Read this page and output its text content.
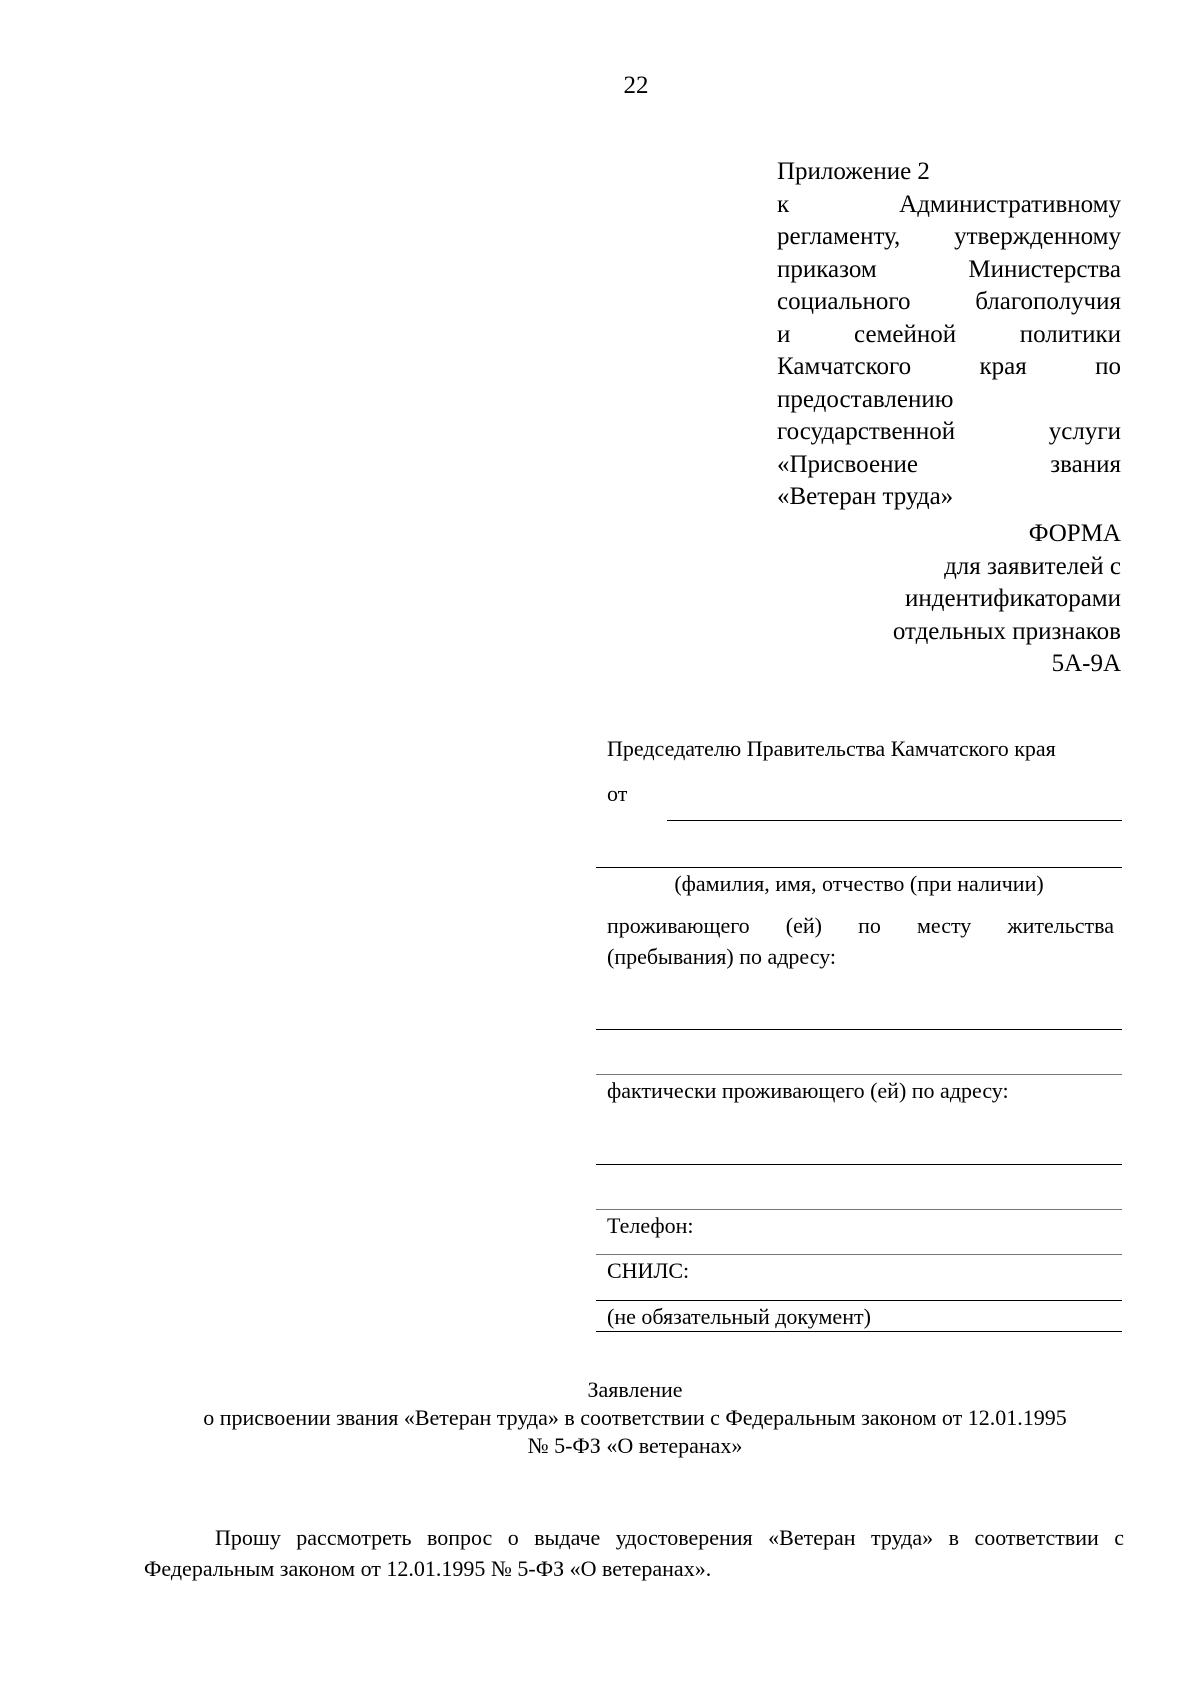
22
Приложение 2
к Административному
регламенту, утвержденному
приказом Министерства
социального благополучия
и семейной политики
Камчатского края по
предоставлению
государственной услуги
«Присвоение звания
«Ветеран труда»
ФОРМА
для заявителей с
индентификаторами
отдельных признаков
5А-9А
Председателю Правительства Камчатского края
от
(фамилия, имя, отчество (при наличии)
проживающего (ей) по месту жительства
(пребывания) по адресу:
фактически проживающего (ей) по адресу:
Телефон:
СНИЛС:
(не обязательный документ)
Заявление
о присвоении звания «Ветеран труда» в соответствии с Федеральным законом от 12.01.1995
№ 5-ФЗ «О ветеранах»
Прошу рассмотреть вопрос о выдаче удостоверения «Ветеран труда» в соответствии с
Федеральным законом от 12.01.1995 № 5-ФЗ «О ветеранах».
